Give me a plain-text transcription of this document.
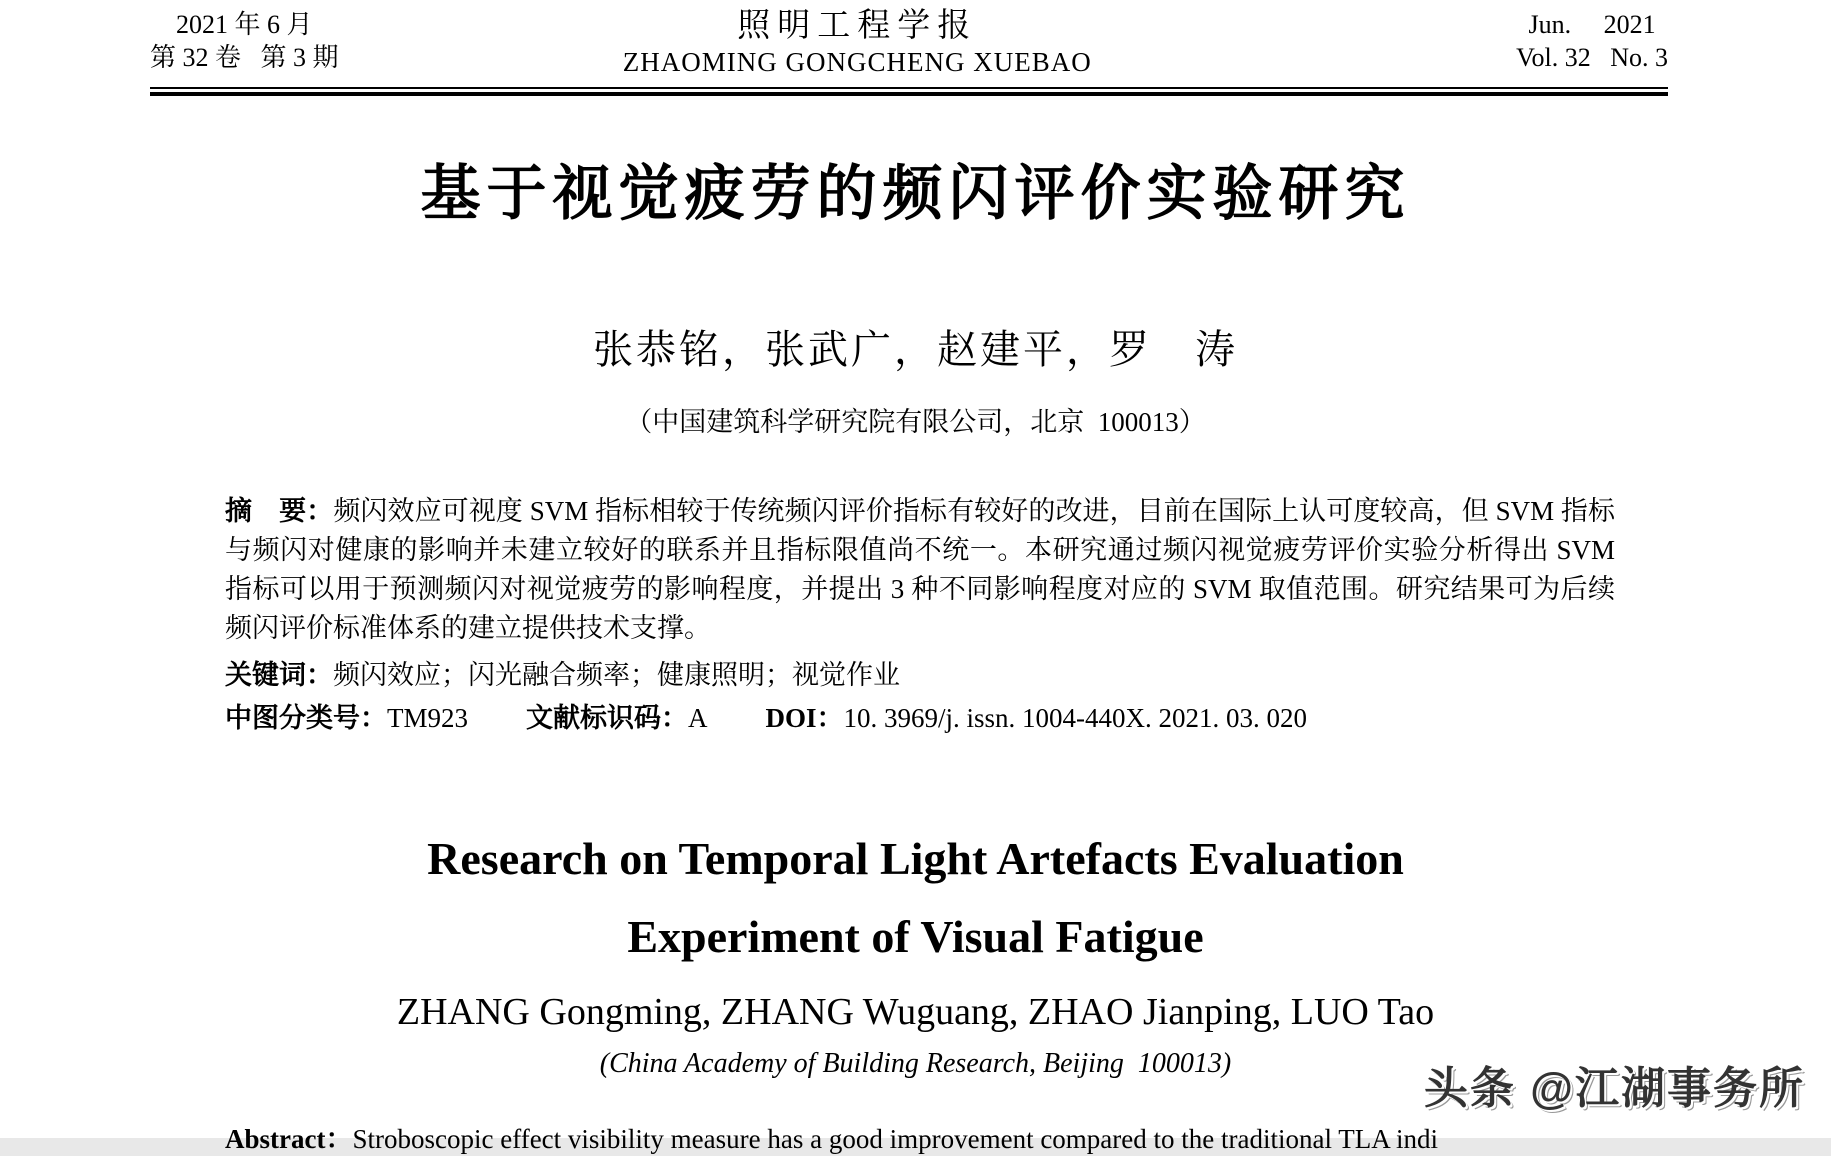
2021 年 6 月
第 32 卷   第 3 期
照明工程学报
ZHAOMING GONGCHENG XUEBAO
Jun.     2021
Vol. 32   No. 3
基于视觉疲劳的频闪评价实验研究
张恭铭，张武广，赵建平，罗　涛
（中国建筑科学研究院有限公司，北京  100013）

摘　要：频闪效应可视度 SVM 指标相较于传统频闪评价指标有较好的改进，目前在国际上认可度较高，但 SVM 指标与频闪对健康的影响并未建立较好的联系并且指标限值尚不统一。本研究通过频闪视觉疲劳评价实验分析得出 SVM 指标可以用于预测频闪对视觉疲劳的影响程度，并提出 3 种不同影响程度对应的 SVM 取值范围。研究结果可为后续频闪评价标准体系的建立提供技术支撑。

关键词：频闪效应；闪光融合频率；健康照明；视觉作业

中图分类号：TM923 文献标识码：A DOI：10. 3969/j. issn. 1004-440X. 2021. 03. 020

Research on Temporal Light Artefacts Evaluation
Experiment of Visual Fatigue
ZHANG Gongming, ZHANG Wuguang, ZHAO Jianping, LUO Tao
(China Academy of Building Research, Beijing  100013)
头条 @江湖事务所
Abstract：Stroboscopic effect visibility measure has a good improvement compared to the traditional TLA indi
